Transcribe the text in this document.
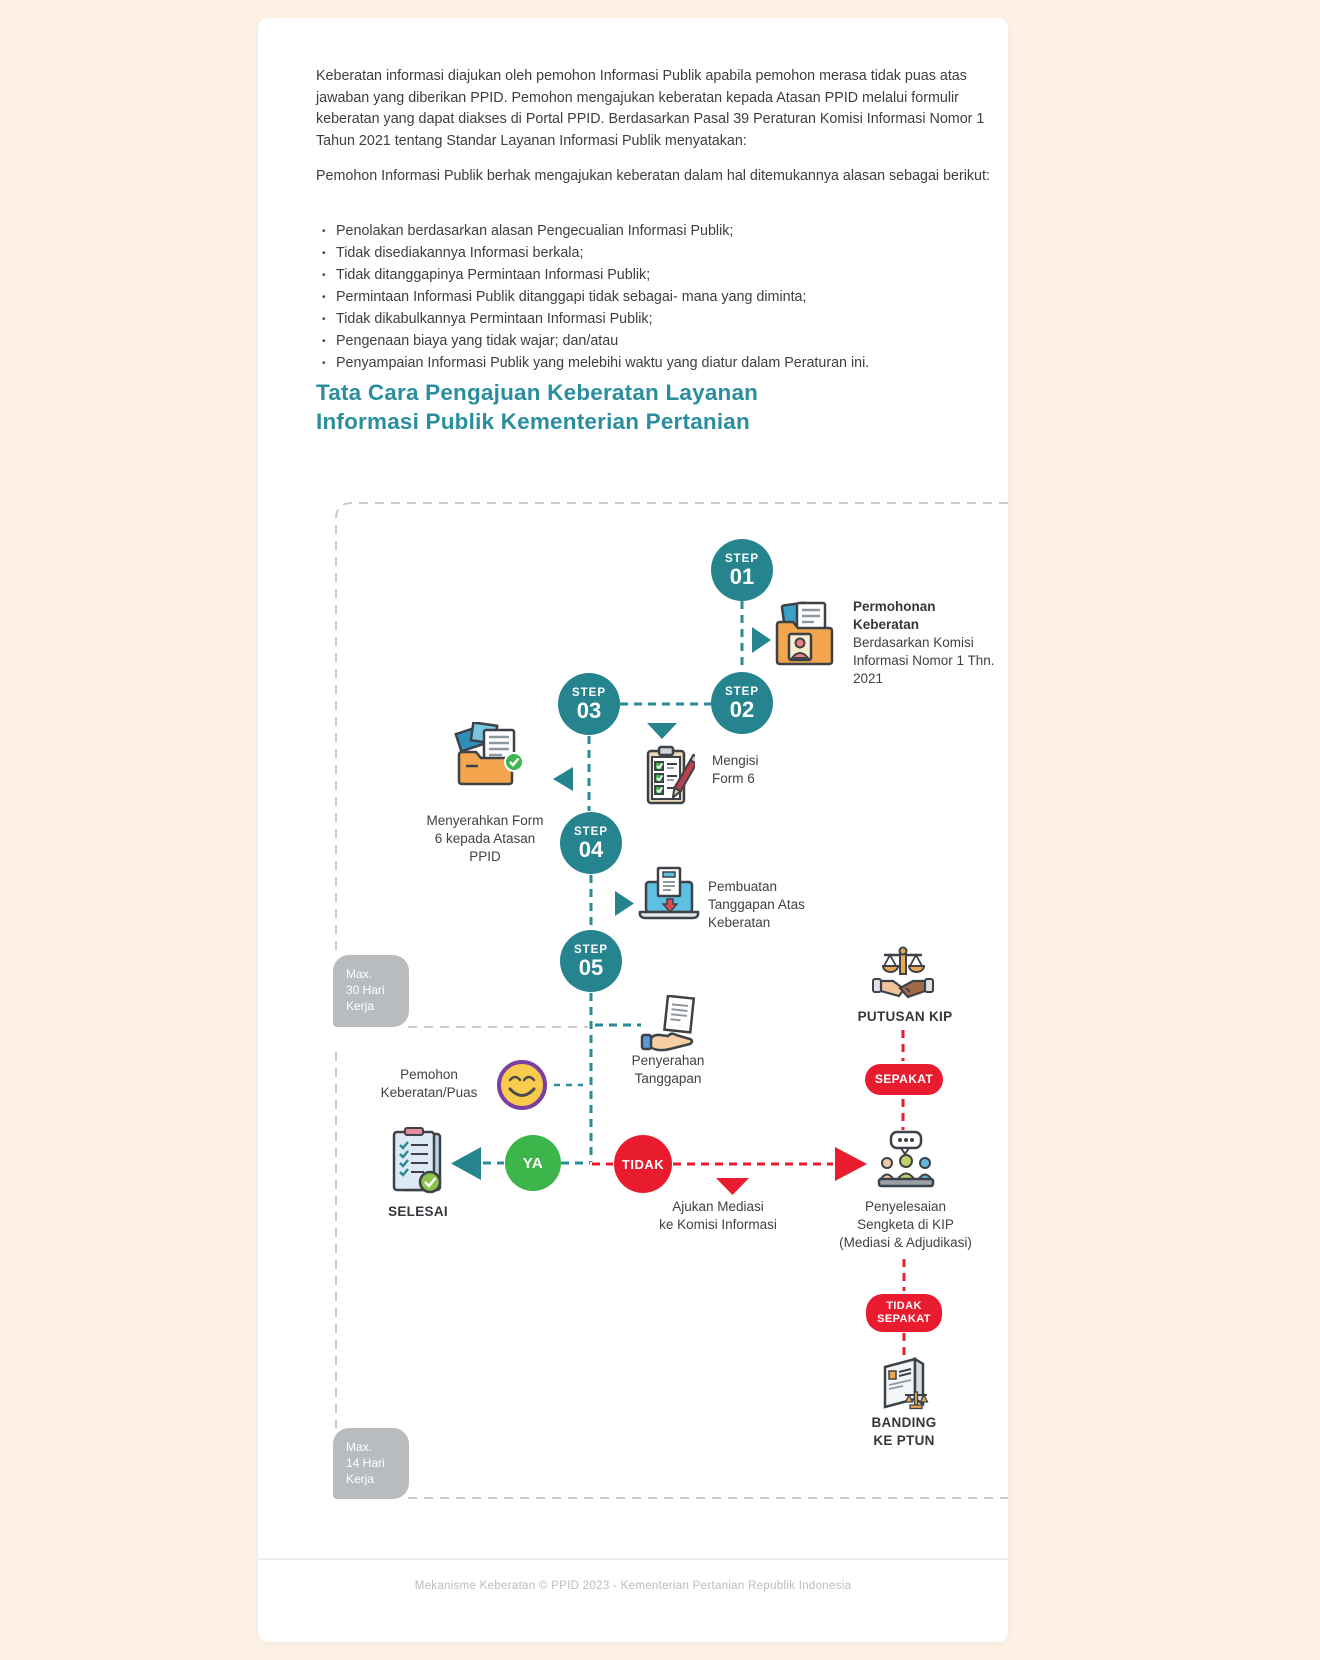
Keberatan informasi diajukan oleh pemohon Informasi Publik apabila pemohon merasa tidak puas atas jawaban yang diberikan PPID. Pemohon mengajukan keberatan kepada Atasan PPID melalui formulir keberatan yang dapat diakses di Portal PPID. Berdasarkan Pasal 39 Peraturan Komisi Informasi Nomor 1 Tahun 2021 tentang Standar Layanan Informasi Publik menyatakan:
Pemohon Informasi Publik berhak mengajukan keberatan dalam hal ditemukannya alasan sebagai berikut:
• Penolakan berdasarkan alasan Pengecualian Informasi Publik;
• Tidak disediakannya Informasi berkala;
• Tidak ditanggapinya Permintaan Informasi Publik;
• Permintaan Informasi Publik ditanggapi tidak sebagai- mana yang diminta;
• Tidak dikabulkannya Permintaan Informasi Publik;
• Pengenaan biaya yang tidak wajar; dan/atau
• Penyampaian Informasi Publik yang melebihi waktu yang diatur dalam Peraturan ini.
Tata Cara Pengajuan Keberatan Layanan
Informasi Publik Kementerian Pertanian
STEP
01
STEP
02
STEP
03
STEP
04
STEP
05
Permohonan Keberatan
Berdasarkan Komisi Informasi Nomor 1 Thn. 2021
Mengisi Form 6
Menyerahkan Form 6 kepada Atasan PPID
Pembuatan Tanggapan Atas Keberatan
Penyerahan
Tanggapan
Pemohon
Keberatan/Puas
SELESAI	Ajukan Mediasi
ke Komisi Informasi
PUTUSAN KIP
Penyelesaian
Sengketa di KIP
(Mediasi & Adjudikasi)
BANDING
KE PTUN
YA	TIDAK
SEPAKAT
TIDAK
SEPAKAT
Max.
30 Hari
Kerja
Max.
14 Hari
Kerja
Mekanisme Keberatan © PPID 2023 - Kementerian Pertanian Republik Indonesia
